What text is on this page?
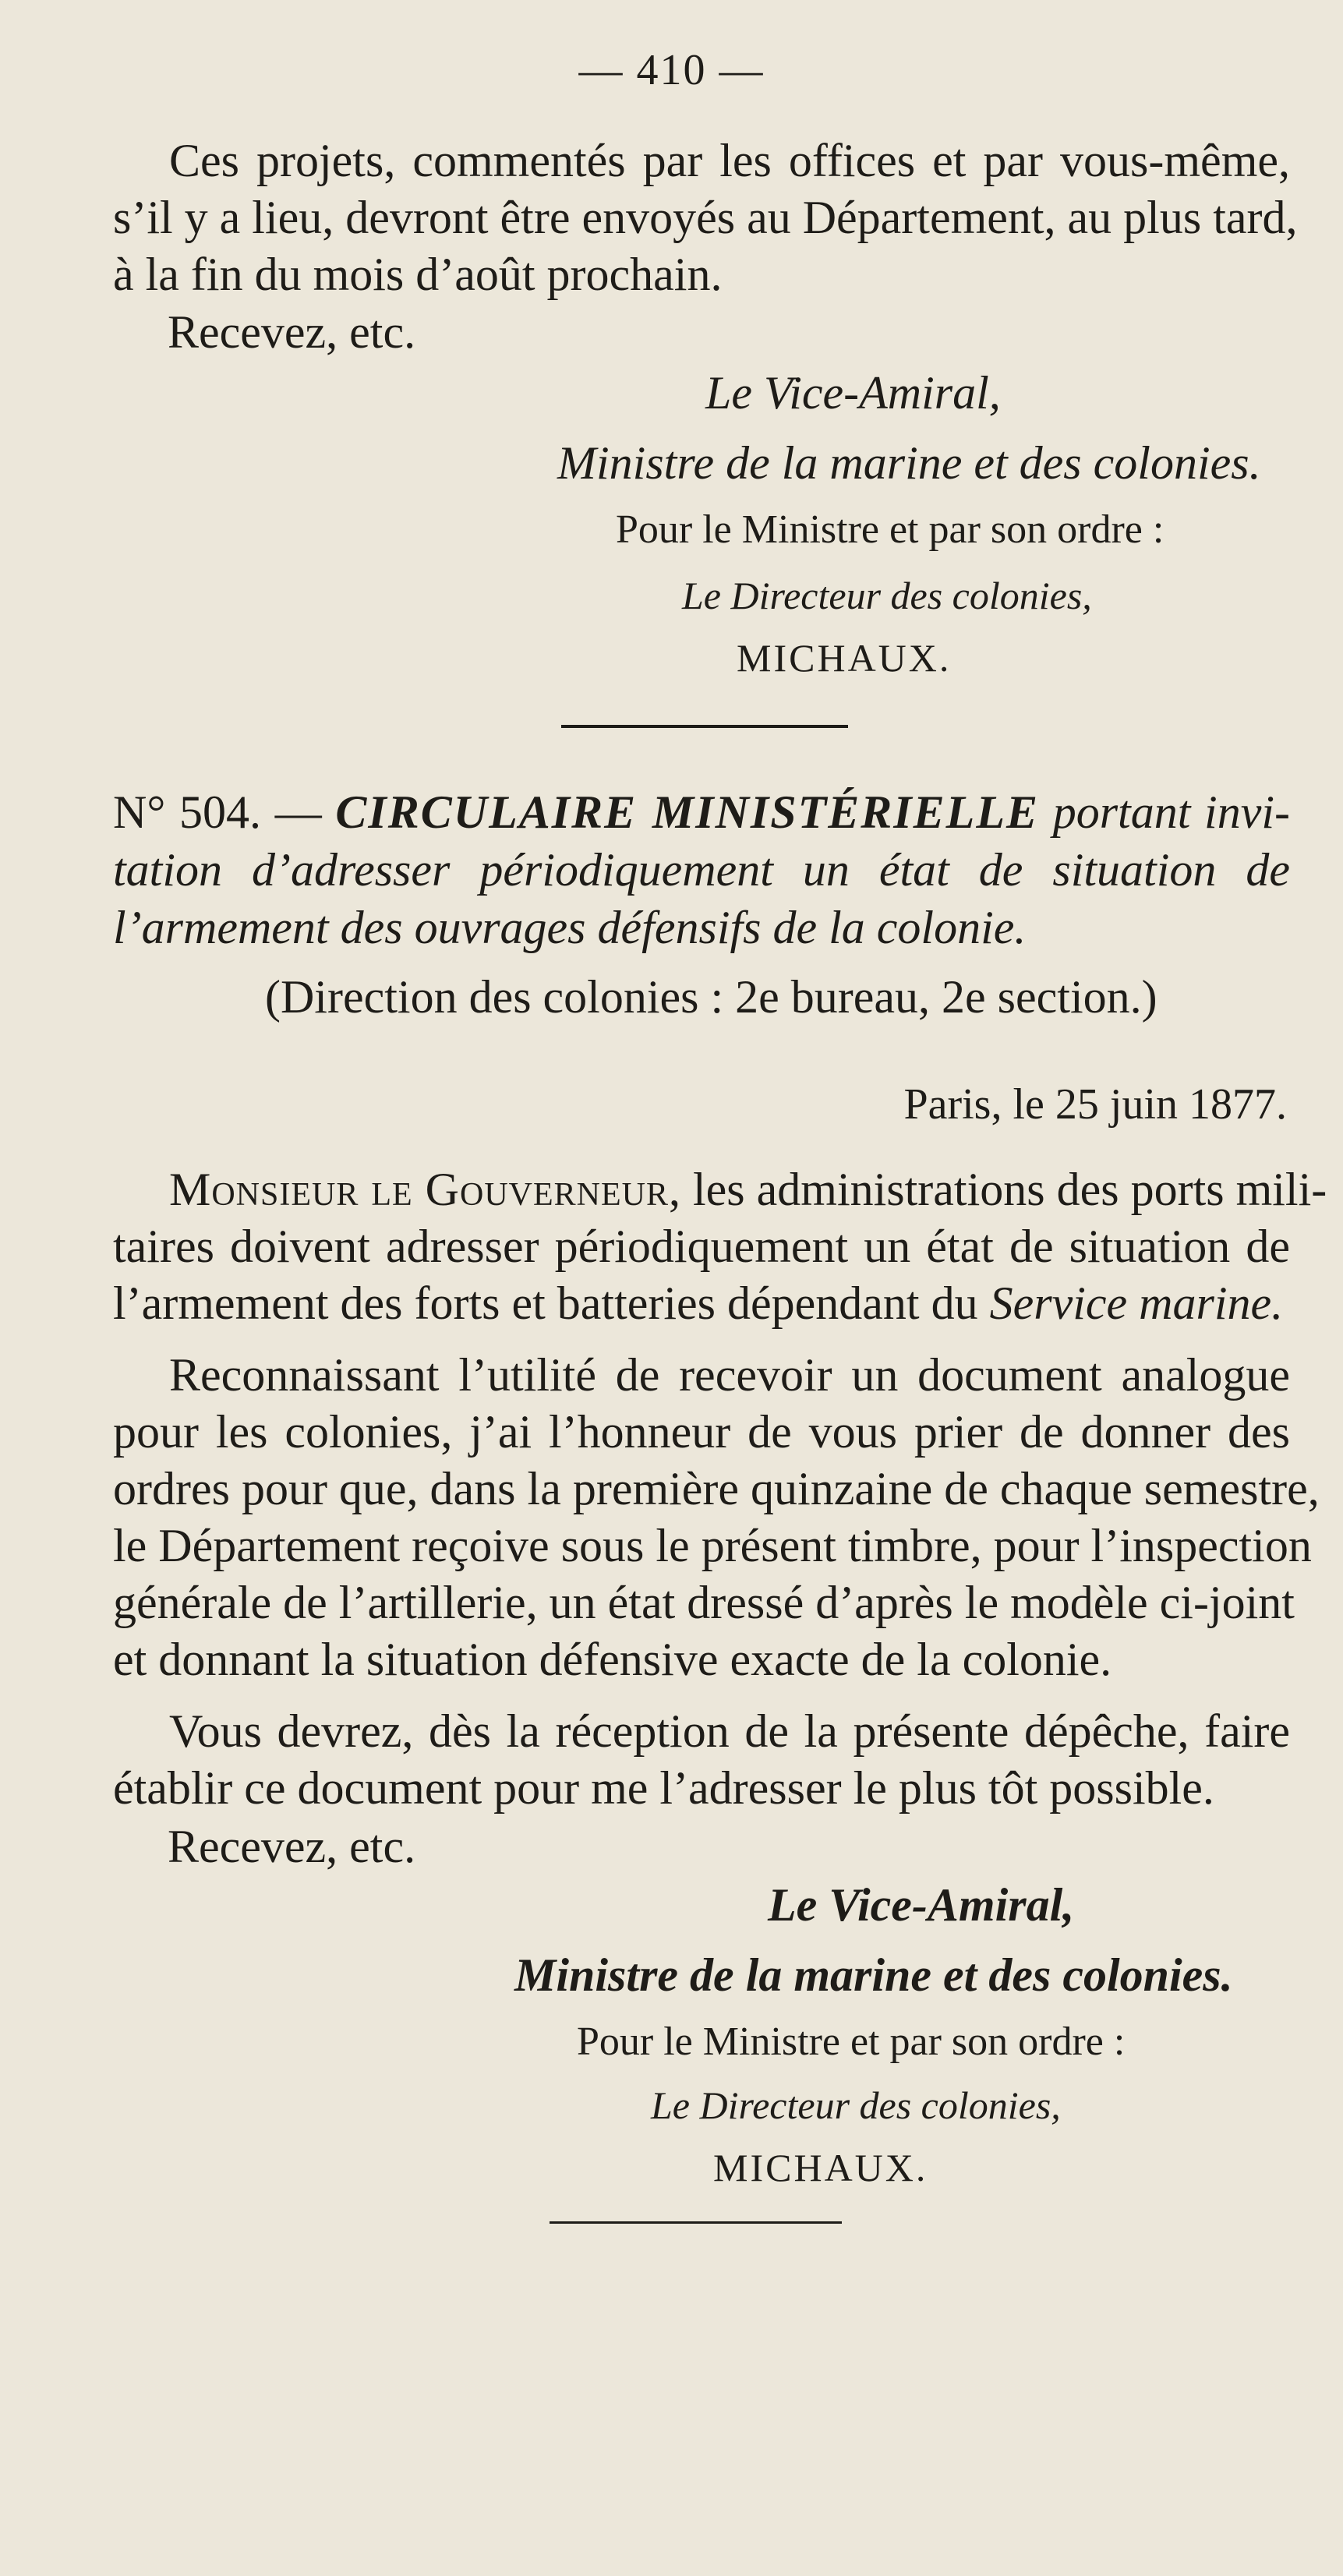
— 410 —
Ces projets, commentés par les offices et par vous-même,
s’il y a lieu, devront être envoyés au Département, au plus tard,
à la fin du mois d’août prochain.
Recevez, etc.
Le Vice-Amiral,
Ministre de la marine et des colonies.
Pour le Ministre et par son ordre :
Le Directeur des colonies,
MICHAUX.
N° 504. — CIRCULAIRE MINISTÉRIELLE portant invi-
tation d’adresser périodiquement un état de situation de
l’armement des ouvrages défensifs de la colonie.
(Direction des colonies : 2e bureau, 2e section.)
Paris, le 25 juin 1877.
Monsieur le Gouverneur, les administrations des ports mili-
taires doivent adresser périodiquement un état de situation de
l’armement des forts et batteries dépendant du Service marine.
Reconnaissant l’utilité de recevoir un document analogue
pour les colonies, j’ai l’honneur de vous prier de donner des
ordres pour que, dans la première quinzaine de chaque semestre,
le Département reçoive sous le présent timbre, pour l’inspection
générale de l’artillerie, un état dressé d’après le modèle ci-joint
et donnant la situation défensive exacte de la colonie.
Vous devrez, dès la réception de la présente dépêche, faire
établir ce document pour me l’adresser le plus tôt possible.
Recevez, etc.
Le Vice-Amiral,
Ministre de la marine et des colonies.
Pour le Ministre et par son ordre :
Le Directeur des colonies,
MICHAUX.
